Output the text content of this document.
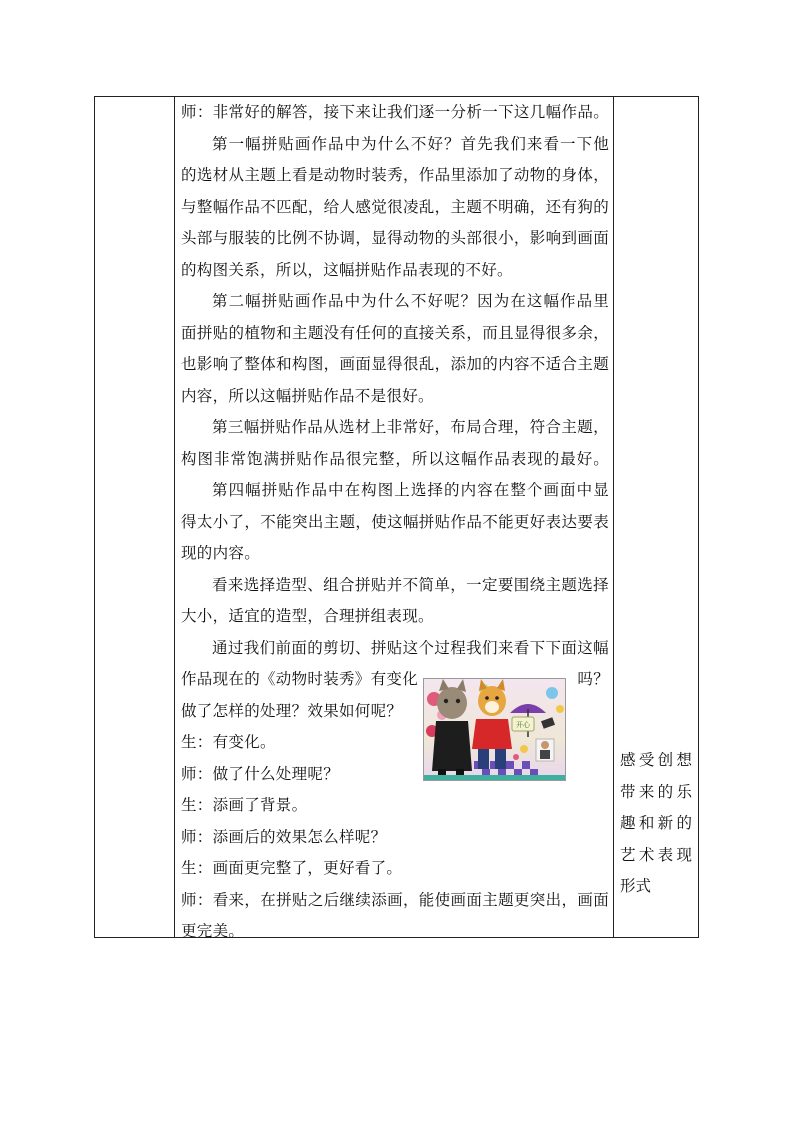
师：非常好的解答，接下来让我们逐一分析一下这几幅作品。

第一幅拼贴画作品中为什么不好？首先我们来看一下他

的选材从主题上看是动物时装秀，作品里添加了动物的身体，

与整幅作品不匹配，给人感觉很凌乱，主题不明确，还有狗的

头部与服装的比例不协调，显得动物的头部很小，影响到画面

的构图关系，所以，这幅拼贴作品表现的不好。

第二幅拼贴画作品中为什么不好呢？因为在这幅作品里

面拼贴的植物和主题没有任何的直接关系，而且显得很多余，

也影响了整体和构图，画面显得很乱，添加的内容不适合主题

内容，所以这幅拼贴作品不是很好。

第三幅拼贴作品从选材上非常好，布局合理，符合主题，

构图非常饱满拼贴作品很完整，所以这幅作品表现的最好。

第四幅拼贴作品中在构图上选择的内容在整个画面中显

得太小了，不能突出主题，使这幅拼贴作品不能更好表达要表

现的内容。

看来选择造型、组合拼贴并不简单，一定要围绕主题选择

大小，适宜的造型，合理拼组表现。

通过我们前面的剪切、拼贴这个过程我们来看下下面这幅

作品现在的《动物时装秀》有变化	吗？

做了怎样的处理？效果如何呢？

生：有变化。

师：做了什么处理呢？

生：添画了背景。

师：添画后的效果怎么样呢？

生：画面更完整了，更好看了。

师：看来，在拼贴之后继续添画，能使画面主题更突出，画面

更完美。

开心

感受创想

带来的乐

趣和新的

艺术表现

形式
